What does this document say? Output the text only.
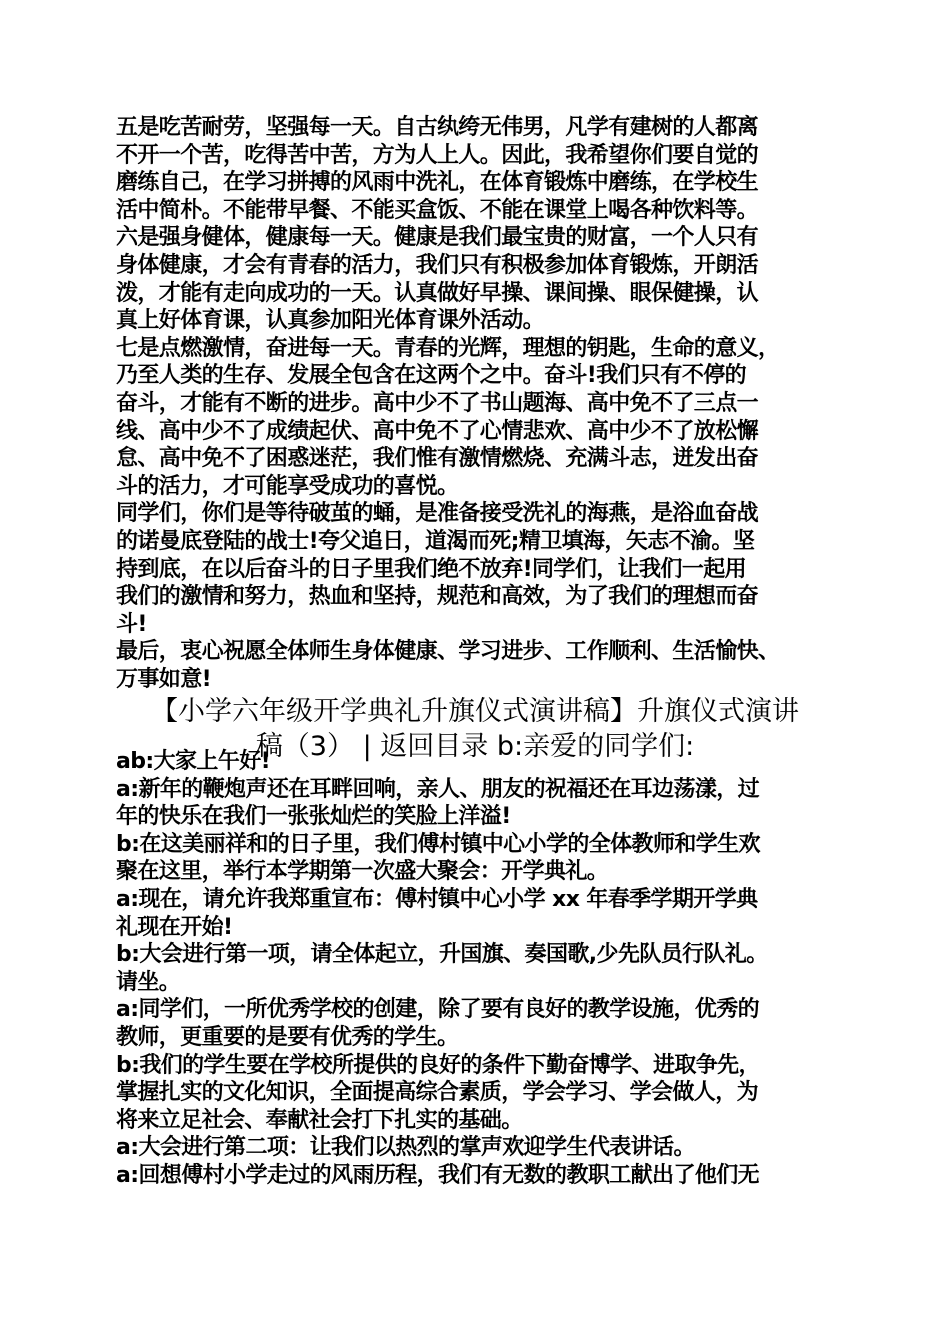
五是吃苦耐劳，坚强每一天。自古纨绔无伟男，凡学有建树的人都离
不开一个苦，吃得苦中苦，方为人上人。因此，我希望你们要自觉的
磨练自己，在学习拼搏的风雨中洗礼，在体育锻炼中磨练，在学校生
活中简朴。不能带早餐、不能买盒饭、不能在课堂上喝各种饮料等。
六是强身健体，健康每一天。健康是我们最宝贵的财富，一个人只有
身体健康，才会有青春的活力，我们只有积极参加体育锻炼，开朗活
泼，才能有走向成功的一天。认真做好早操、课间操、眼保健操，认
真上好体育课，认真参加阳光体育课外活动。
七是点燃激情，奋进每一天。青春的光辉，理想的钥匙，生命的意义，
乃至人类的生存、发展全包含在这两个之中。奋斗!我们只有不停的
奋斗，才能有不断的进步。高中少不了书山题海、高中免不了三点一
线、高中少不了成绩起伏、高中免不了心情悲欢、高中少不了放松懈
怠、高中免不了困惑迷茫，我们惟有激情燃烧、充满斗志，迸发出奋
斗的活力，才可能享受成功的喜悦。
同学们，你们是等待破茧的蛹，是准备接受洗礼的海燕，是浴血奋战
的诺曼底登陆的战士!夸父追日，道渴而死;精卫填海，矢志不渝。坚
持到底，在以后奋斗的日子里我们绝不放弃!同学们，让我们一起用
我们的激情和努力，热血和坚持，规范和高效，为了我们的理想而奋
斗!
最后，衷心祝愿全体师生身体健康、学习进步、工作顺利、生活愉快、
万事如意!
【小学六年级开学典礼升旗仪式演讲稿】升旗仪式演讲
稿（3） | 返回目录 b:亲爱的同学们:
ab:大家上午好!
a:新年的鞭炮声还在耳畔回响，亲人、朋友的祝福还在耳边荡漾，过
年的快乐在我们一张张灿烂的笑脸上洋溢!
b:在这美丽祥和的日子里，我们傅村镇中心小学的全体教师和学生欢
聚在这里，举行本学期第一次盛大聚会：开学典礼。
a:现在，请允许我郑重宣布：傅村镇中心小学 xx 年春季学期开学典
礼现在开始!
b:大会进行第一项，请全体起立，升国旗、奏国歌,少先队员行队礼。
请坐。
a:同学们，一所优秀学校的创建，除了要有良好的教学设施，优秀的
教师，更重要的是要有优秀的学生。
b:我们的学生要在学校所提供的良好的条件下勤奋博学、进取争先，
掌握扎实的文化知识，全面提高综合素质，学会学习、学会做人，为
将来立足社会、奉献社会打下扎实的基础。
a:大会进行第二项：让我们以热烈的掌声欢迎学生代表讲话。
a:回想傅村小学走过的风雨历程，我们有无数的教职工献出了他们无
